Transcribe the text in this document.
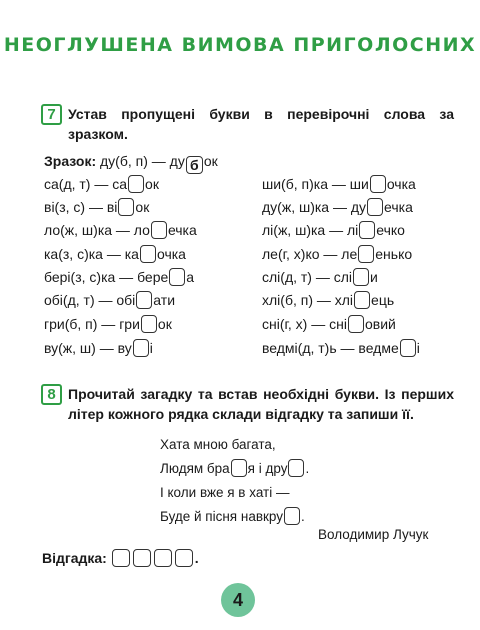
НЕОГЛУШЕНА ВИМОВА ПРИГОЛОСНИХ
7 Устав пропущені букви в перевірочні слова за зразком.
Зразок: ду(б, п) — ду б ок
са(д, т) — са ок
ві(з, с) — ві ок
ло(ж, ш)ка — ло ечка
ка(з, с)ка — ка очка
бері(з, с)ка — бере а
обі(д, т) — обі ати
гри(б, п) — гри ок
ву(ж, ш) — ву і
ши(б, п)ка — ши очка
ду(ж, ш)ка — ду ечка
лі(ж, ш)ка — лі ечко
ле(г, х)ко — ле енько
слі(д, т) — слі и
хлі(б, п) — хлі ець
сні(г, х) — сні овий
ведмі(д, т)ь — ведме і
8 Прочитай загадку та встав необхідні букви. Із перших літер кожного рядка склади відгадку та запиши її.
Хата мною багата,
Людям бра я і дру .
І коли вже я в хаті —
Буде й пісня навкру .
Володимир Лучук
Відгадка:	.
4
